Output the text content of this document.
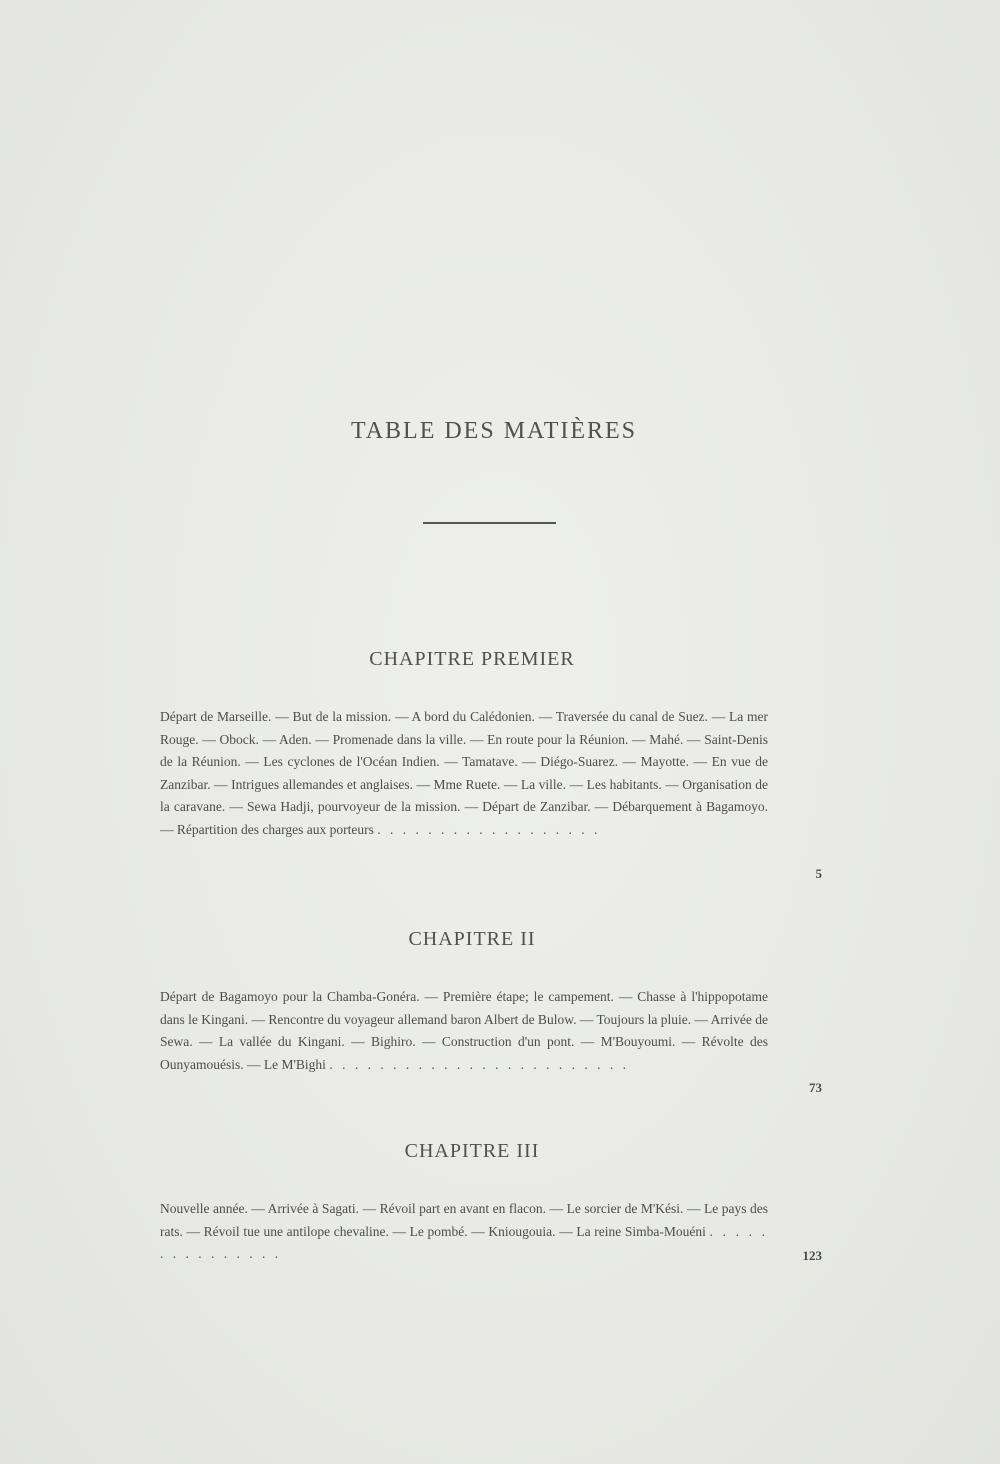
TABLE DES MATIÈRES
CHAPITRE PREMIER
Départ de Marseille. — But de la mission. — A bord du Calédonien. — Traversée du canal de Suez. — La mer Rouge. — Obock. — Aden. — Promenade dans la ville. — En route pour la Réunion. — Mahé. — Saint-Denis de la Réunion. — Les cyclones de l'Océan Indien. — Tamatave. — Diégo-Suarez. — Mayotte. — En vue de Zanzibar. — Intrigues allemandes et anglaises. — Mme Ruete. — La ville. — Les habitants. — Organisation de la caravane. — Sewa Hadji, pourvoyeur de la mission. — Départ de Zanzibar. — Débarquement à Bagamoyo. — Répartition des charges aux porteurs . . . . . . . . . . . . . . . . . .
5
CHAPITRE II
Départ de Bagamoyo pour la Chamba-Gonéra. — Première étape; le campement. — Chasse à l'hippopotame dans le Kingani. — Rencontre du voyageur allemand baron Albert de Bulow. — Toujours la pluie. — Arrivée de Sewa. — La vallée du Kingani. — Bighiro. — Construction d'un pont. — M'Bouyoumi. — Révolte des Ounyamouésis. — Le M'Bighi . . . . . . . . . . . . . . . . . . . . . . . .
73
CHAPITRE III
Nouvelle année. — Arrivée à Sagati. — Révoil part en avant en flacon. — Le sorcier de M'Kési. — Le pays des rats. — Révoil tue une antilope chevaline. — Le pombé. — Kniougouia. — La reine Simba-Mouéni . . . . . . . . . . . . . . .	123
